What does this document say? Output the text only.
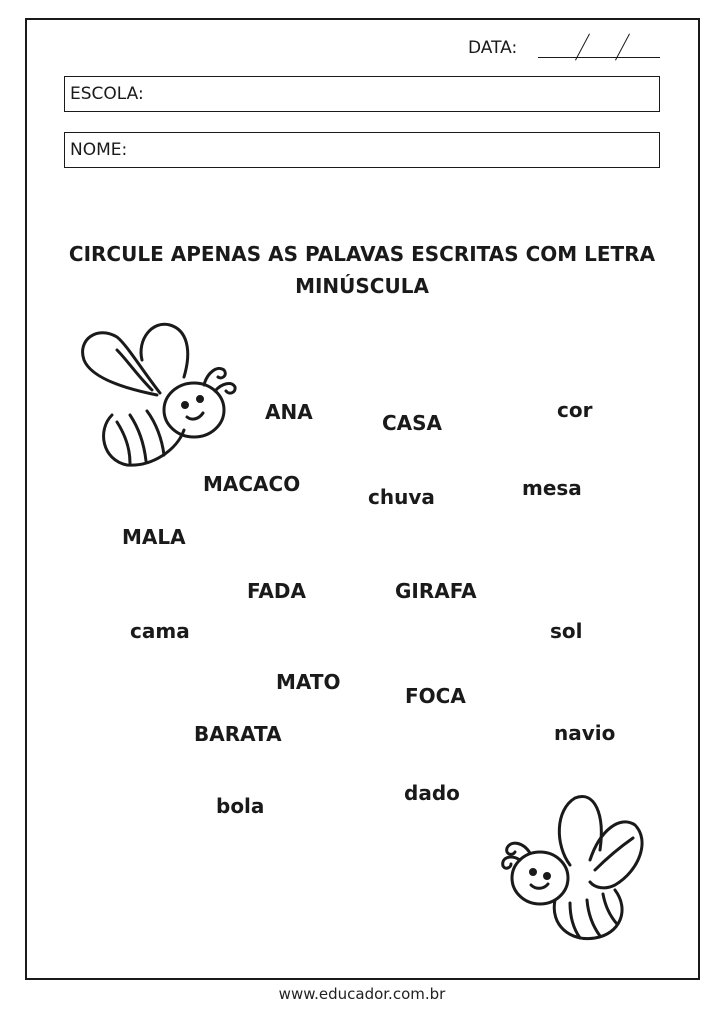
DATA:
ESCOLA:
NOME:
CIRCULE APENAS AS PALAVAS ESCRITAS COM LETRA
MINÚSCULA
ANA	CASA
cor
MACACO
chuva	mesa
MALA
FADA	GIRAFA
cama	sol
MATO
FOCA
BARATA	navio
bola
dado
www.educador.com.br
